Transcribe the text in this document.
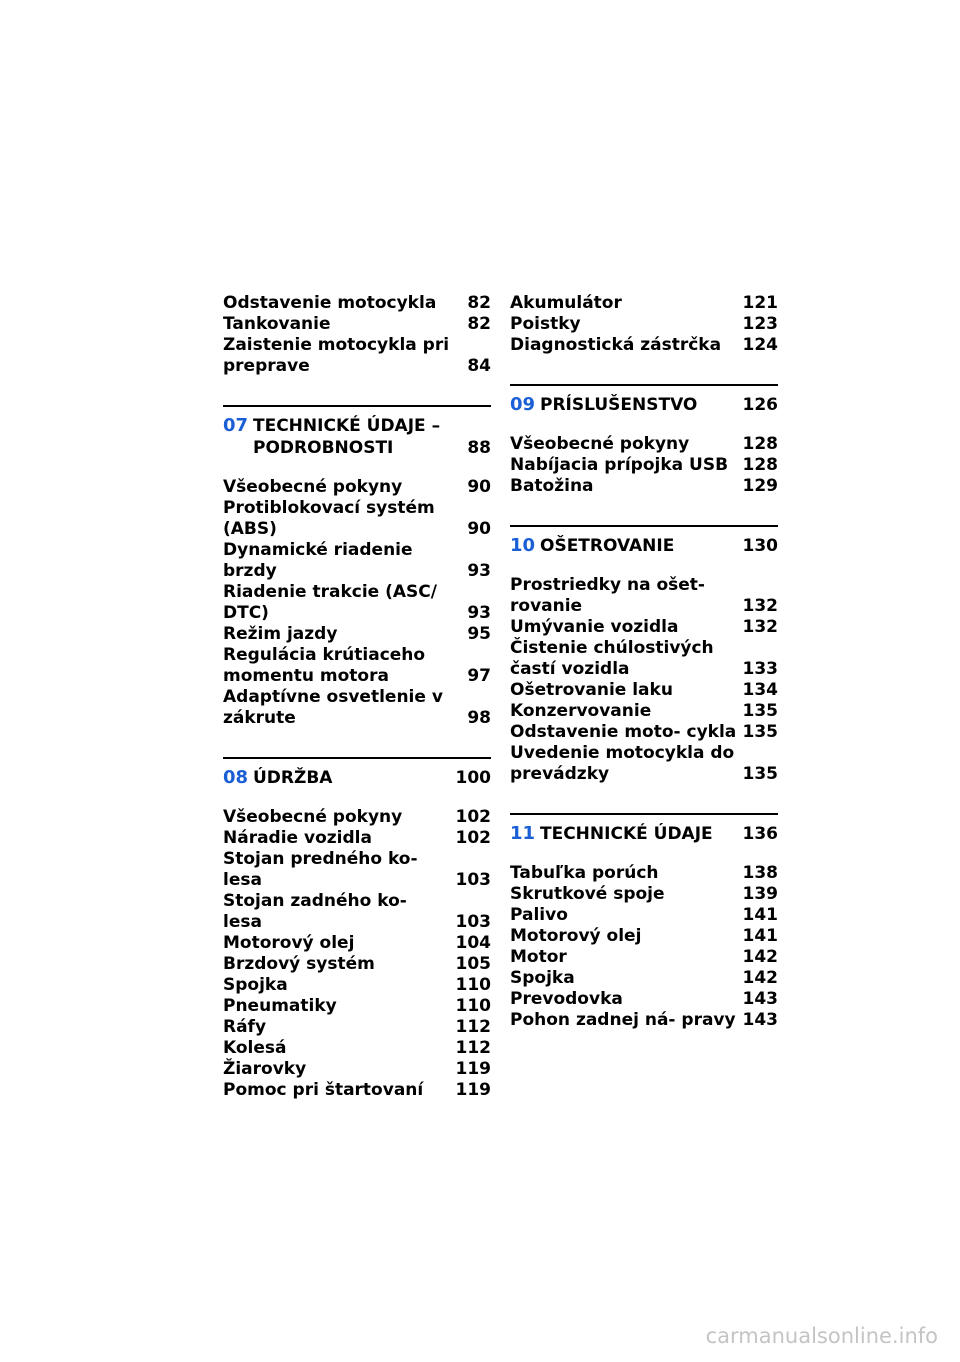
Odstavenie motocykla	82
Tankovanie	82
Zaistenie motocykla pri preprave	84
07 TECHNICKÉ ÚDAJE – PODROBNOSTI	88
Všeobecné pokyny	90
Protiblokovací systém (ABS)	90
Dynamické riadenie brzdy	93
Riadenie trakcie (ASC/ DTC)	93
Režim jazdy	95
Regulácia krútiaceho momentu motora	97
Adaptívne osvetlenie v zákrute	98
08 ÚDRŽBA	100
Všeobecné pokyny	102
Náradie vozidla	102
Stojan predného ko- lesa	103
Stojan zadného ko- lesa	103
Motorový olej	104
Brzdový systém	105
Spojka	110
Pneumatiky	110
Ráfy	112
Kolesá	112
Žiarovky	119
Pomoc pri štartovaní	119
Akumulátor	121
Poistky	123
Diagnostická zástrčka	124
09 PRÍSLUŠENSTVO	126
Všeobecné pokyny	128
Nabíjacia prípojka USB 128
Batožina	129
10 OŠETROVANIE	130
Prostriedky na ošet- rovanie	132
Umývanie vozidla	132
Čistenie chúlostivých častí vozidla	133
Ošetrovanie laku	134
Konzervovanie	135
Odstavenie moto- cykla 135
Uvedenie motocykla do prevádzky	135
11 TECHNICKÉ ÚDAJE	136
Tabuľka porúch	138
Skrutkové spoje	139
Palivo	141
Motorový olej	141
Motor	142
Spojka	142
Prevodovka	143
Pohon zadnej ná- pravy 143
carmanualsonline.info
